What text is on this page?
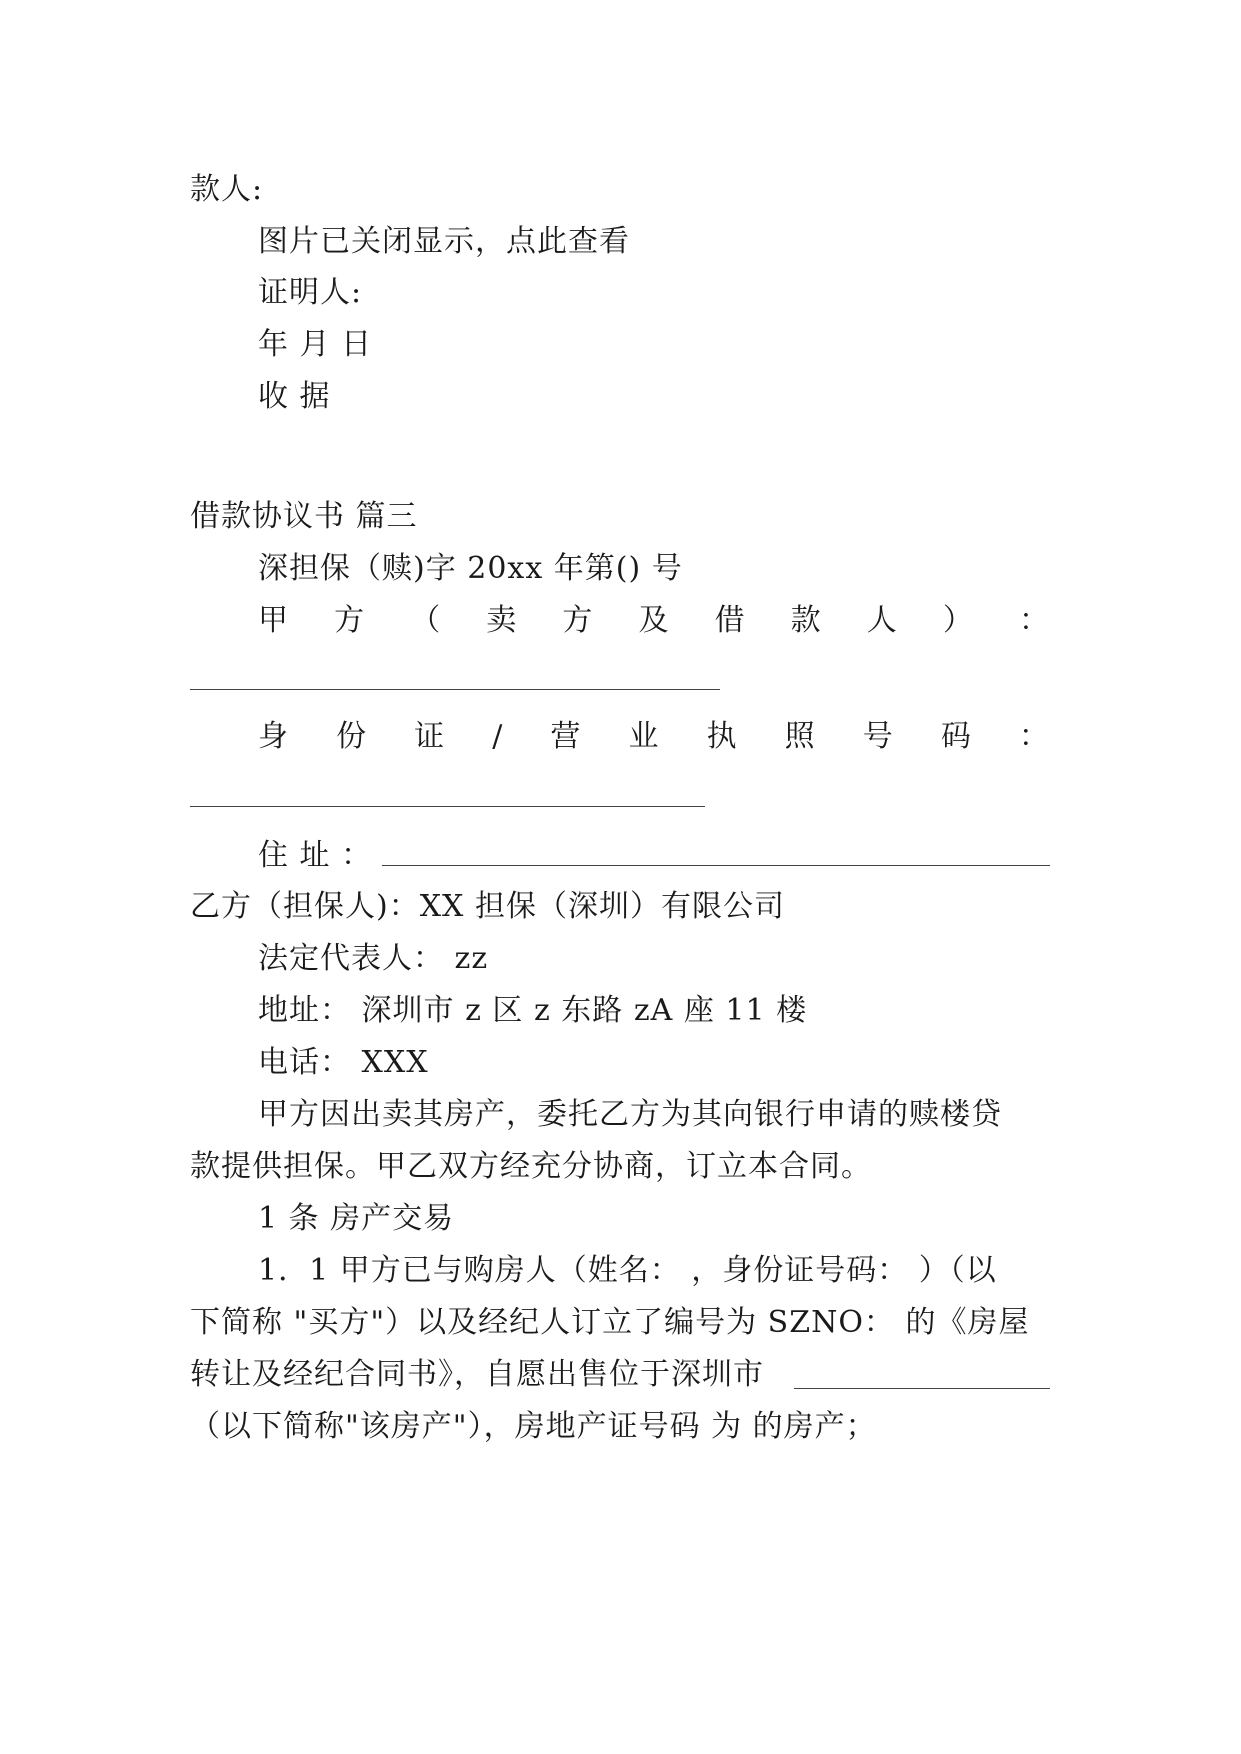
款人:
图片已关闭显示，点此查看
证明人:
年 月 日
收 据
借款协议书 篇三
深担保（赎)字 20xx 年第() 号
甲 方 （ 卖 方 及 借 款 人 ） ：
身 份 证 / 营 业 执 照 号 码 ：
住 址 ：
乙方（担保人)：XX 担保（深圳）有限公司
法定代表人： zz
地址： 深圳市 z 区 z 东路 zA 座 11 楼
电话： XXX
甲方因出卖其房产，委托乙方为其向银行申请的赎楼贷
款提供担保。甲乙双方经充分协商，订立本合同。
1 条 房产交易
1．1 甲方已与购房人（姓名： ，身份证号码： ）（以
下简称 "买方"）以及经纪人订立了编号为 SZNO： 的《房屋
转让及经纪合同书》，自愿出售位于深圳市
（以下简称"该房产"），房地产证号码 为 的房产；
